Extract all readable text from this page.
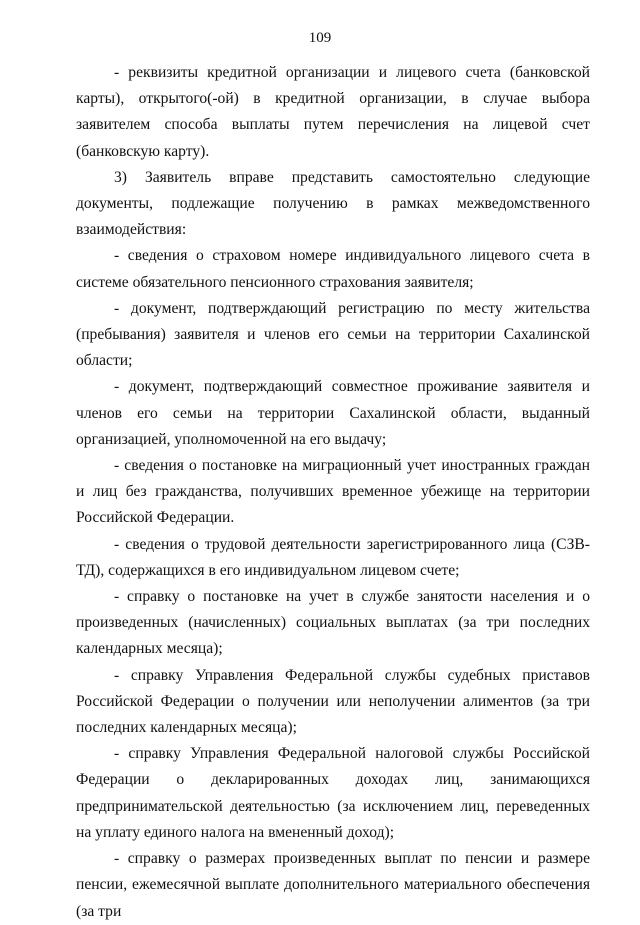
109

- реквизиты кредитной организации и лицевого счета (банковской карты), открытого(-ой) в кредитной организации, в случае выбора заявителем способа выплаты путем перечисления на лицевой счет (банковскую карту).

3) Заявитель вправе представить самостоятельно следующие документы, подлежащие получению в рамках межведомственного взаимодействия:

- сведения о страховом номере индивидуального лицевого счета в системе обязательного пенсионного страхования заявителя;

- документ, подтверждающий регистрацию по месту жительства (пребывания) заявителя и членов его семьи на территории Сахалинской области;

- документ, подтверждающий совместное проживание заявителя и членов его семьи на территории Сахалинской области, выданный организацией, уполномоченной на его выдачу;

- сведения о постановке на миграционный учет иностранных граждан и лиц без гражданства, получивших временное убежище на территории Российской Федерации.

- сведения о трудовой деятельности зарегистрированного лица (СЗВ-ТД), содержащихся в его индивидуальном лицевом счете;

- справку о постановке на учет в службе занятости населения и о произведенных (начисленных) социальных выплатах (за три последних календарных месяца);

- справку Управления Федеральной службы судебных приставов Российской Федерации о получении или неполучении алиментов (за три последних календарных месяца);

- справку Управления Федеральной налоговой службы Российской Федерации о декларированных доходах лиц, занимающихся предпринимательской деятельностью (за исключением лиц, переведенных на уплату единого налога на вмененный доход);

- справку о размерах произведенных выплат по пенсии и размере пенсии, ежемесячной выплате дополнительного материального обеспечения (за три
